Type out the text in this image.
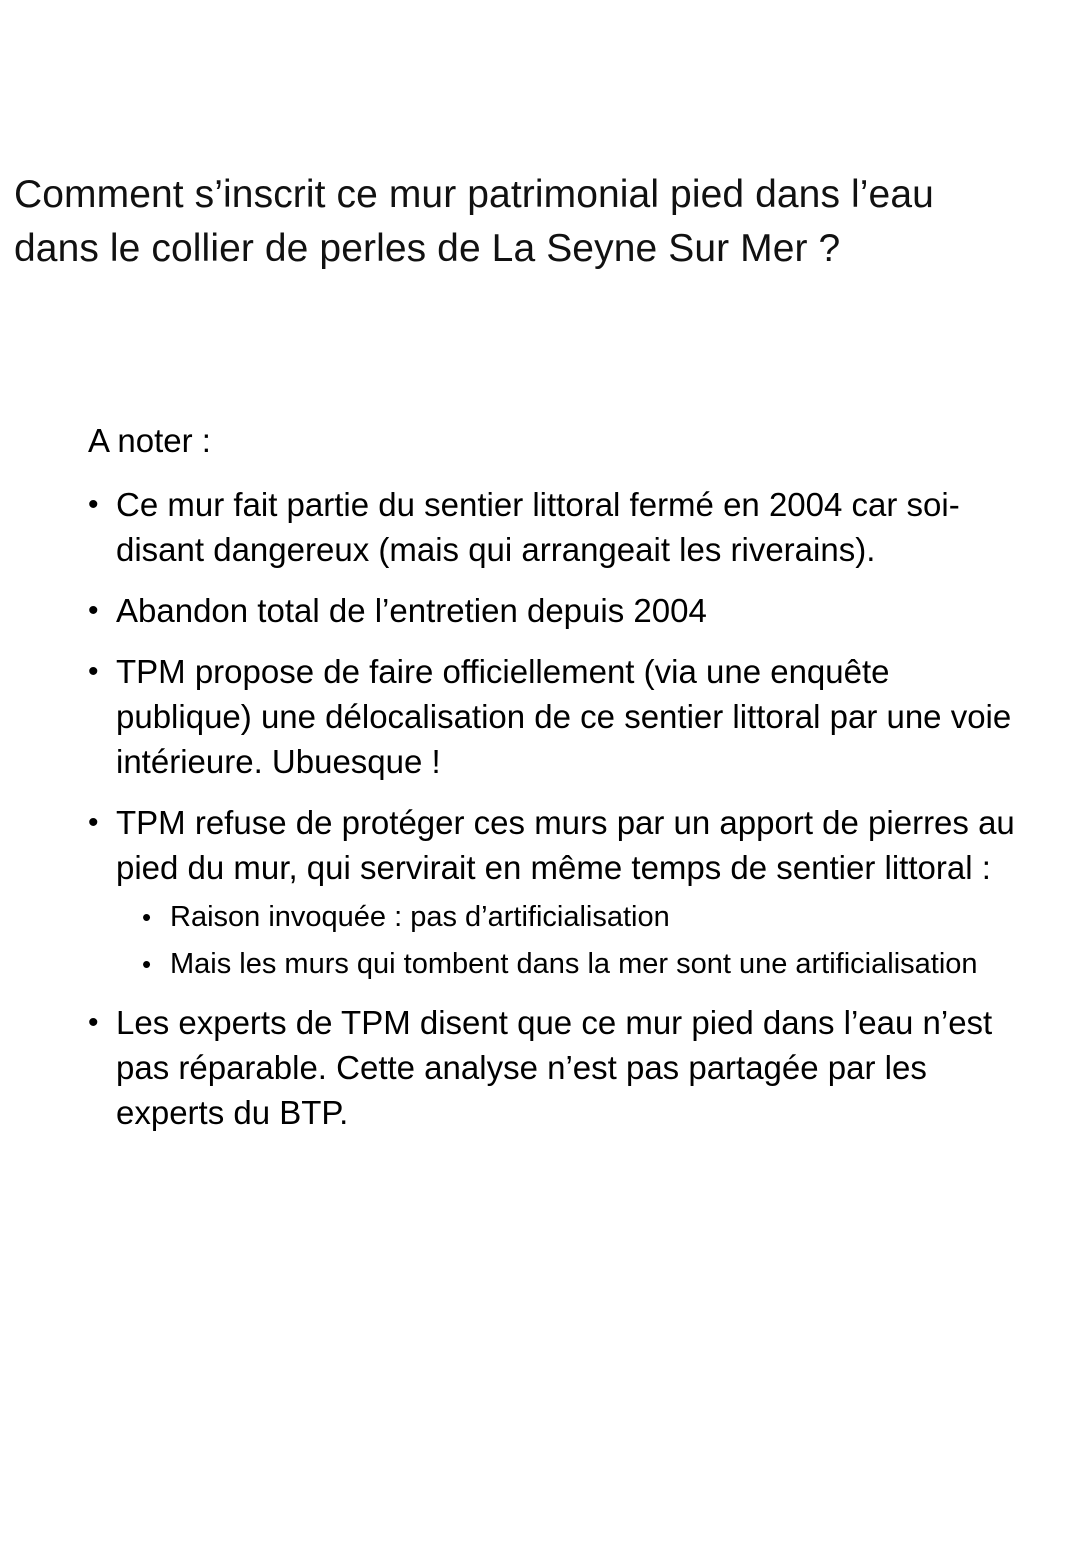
Comment s’inscrit ce mur patrimonial pied dans l’eau
dans le collier de perles de La Seyne Sur Mer ?

A noter :

• Ce mur fait partie du sentier littoral fermé en 2004 car soi-disant dangereux (mais qui arrangeait les riverains).
• Abandon total de l’entretien depuis 2004
• TPM propose de faire officiellement (via une enquête publique) une délocalisation de ce sentier littoral par une voie intérieure. Ubuesque !
• TPM refuse de protéger ces murs par un apport de pierres au pied du mur, qui servirait en même temps de sentier littoral :
• Raison invoquée : pas d’artificialisation
• Mais les murs qui tombent dans la mer sont une artificialisation
• Les experts de TPM disent que ce mur pied dans l’eau n’est pas réparable. Cette analyse n’est pas partagée par les experts du BTP.
